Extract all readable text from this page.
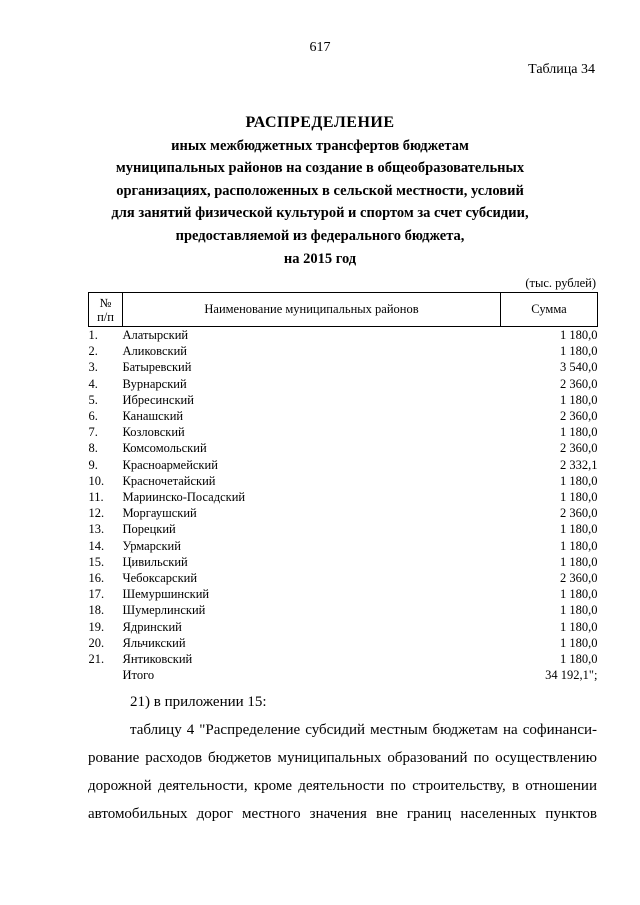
617
Таблица 34
РАСПРЕДЕЛЕНИЕ
иных межбюджетных трансфертов бюджетам
муниципальных районов на создание в общеобразовательных
организациях, расположенных в сельской местности, условий
для занятий физической культурой и спортом за счет субсидии,
предоставляемой из федерального бюджета,
на 2015 год
(тыс. рублей)
№
п/п	Наименование муниципальных районов	Сумма
1.	Алатырский	1 180,0
2.	Аликовский	1 180,0
3.	Батыревский	3 540,0
4.	Вурнарский	2 360,0
5.	Ибресинский	1 180,0
6.	Канашский	2 360,0
7.	Козловский	1 180,0
8.	Комсомольский	2 360,0
9.	Красноармейский	2 332,1
10.	Красночетайский	1 180,0
11.	Мариинско-Посадский	1 180,0
12.	Моргаушский	2 360,0
13.	Порецкий	1 180,0
14.	Урмарский	1 180,0
15.	Цивильский	1 180,0
16.	Чебоксарский	2 360,0
17.	Шемуршинский	1 180,0
18.	Шумерлинский	1 180,0
19.	Ядринский	1 180,0
20.	Яльчикский	1 180,0
21.	Янтиковский	1 180,0
	Итого	34 192,1";

21) в приложении 15:

таблицу 4 "Распределение субсидий местным бюджетам на софинанси-

рование расходов бюджетов муниципальных образований по осуществлению

дорожной деятельности, кроме деятельности по строительству, в отношении

автомобильных дорог местного значения вне границ населенных пунктов
